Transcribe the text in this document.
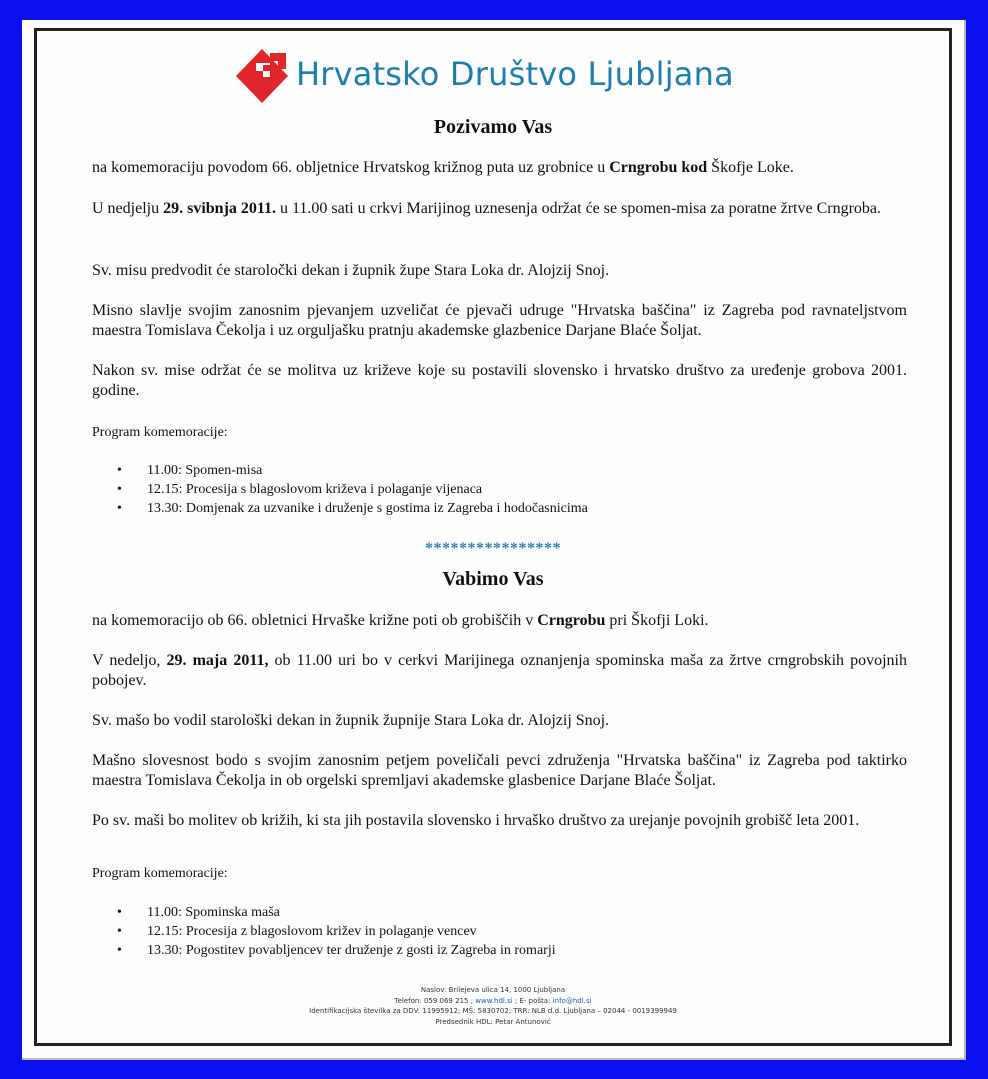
Hrvatsko Društvo Ljubljana
Pozivamo Vas
na komemoraciju povodom 66. obljetnice Hrvatskog križnog puta uz grobnice u Crngrobu kod Škofje Loke.
U nedjelju 29. svibnja 2011. u 11.00 sati u crkvi Marijinog uznesenja održat će se spomen-misa za poratne žrtve Crngroba.
Sv. misu predvodit će staroločki dekan i župnik župe Stara Loka dr. Alojzij Snoj.
Misno slavlje svojim zanosnim pjevanjem uzveličat će pjevači udruge "Hrvatska baščina" iz Zagreba pod ravnateljstvom maestra Tomislava Čekolja i uz orguljašku pratnju akademske glazbenice Darjane Blaće Šoljat.
Nakon sv. mise održat će se molitva uz križeve koje su postavili slovensko i hrvatsko društvo za uređenje grobova 2001. godine.
Program komemoracije:
• 11.00: Spomen-misa
• 12.15: Procesija s blagoslovom križeva i polaganje vijenaca
• 13.30: Domjenak za uzvanike i druženje s gostima iz Zagreba i hodočasnicima
****************
Vabimo Vas
na komemoracijo ob 66. obletnici Hrvaške križne poti ob grobiščih v Crngrobu pri Škofji Loki.
V nedeljo, 29. maja 2011, ob 11.00 uri bo v cerkvi Marijinega oznanjenja spominska maša za žrtve crngrobskih povojnih pobojev.
Sv. mašo bo vodil starološki dekan in župnik župnije Stara Loka dr. Alojzij Snoj.
Mašno slovesnost bodo s svojim zanosnim petjem poveličali pevci združenja "Hrvatska baščina" iz Zagreba pod taktirko maestra Tomislava Čekolja in ob orgelski spremljavi akademske glasbenice Darjane Blaće Šoljat.
Po sv. maši bo molitev ob križih, ki sta jih postavila slovensko i hrvaško društvo za urejanje povojnih grobišč leta 2001.
Program komemoracije:
• 11.00: Spominska maša
• 12.15: Procesija z blagoslovom križev in polaganje vencev
• 13.30: Pogostitev povabljencev ter druženje z gosti iz Zagreba in romarji
Naslov: Brilejeva ulica 14, 1000 Ljubljana
Telefon: 059 069 215 ; www.hdl.si ; E- pošta: info@hdl.si
Identifikacijska številka za DDV: 11995912; MŠ: 5830702; TRR: NLB d.d. Ljubljana – 02044 - 0019399949
Predsednik HDL: Petar Antunović
